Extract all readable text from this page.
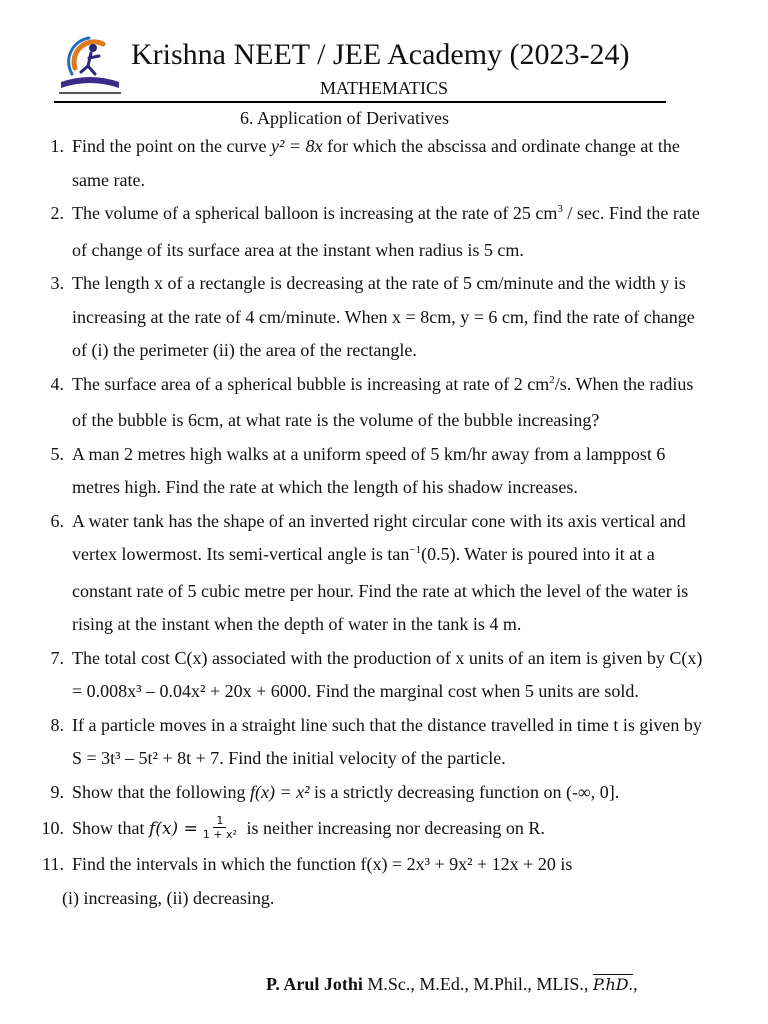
Krishna NEET / JEE Academy (2023-24)
MATHEMATICS
6. Application of Derivatives

1. Find the point on the curve y² = 8x for which the abscissa and ordinate change at the same rate.

2. The volume of a spherical balloon is increasing at the rate of 25 $cm^3$ / sec. Find the rate of change of its surface area at the instant when radius is 5 cm.

3. The length x of a rectangle is decreasing at the rate of 5 cm/minute and the width y is increasing at the rate of 4 cm/minute. When x = 8cm, y = 6 cm, find the rate of change of (i) the perimeter (ii) the area of the rectangle.

4. The surface area of a spherical bubble is increasing at rate of 2 $cm^2/s$. When the radius of the bubble is 6cm, at what rate is the volume of the bubble increasing?

5. A man 2 metres high walks at a uniform speed of 5 km/hr away from a lamppost 6 metres high. Find the rate at which the length of his shadow increases.

6. A water tank has the shape of an inverted right circular cone with its axis vertical and vertex lowermost. Its semi-vertical angle is $\tan^{-1}(0.5)$. Water is poured into it at a constant rate of 5 cubic metre per hour. Find the rate at which the level of the water is rising at the instant when the depth of water in the tank is 4 m.

7. The total cost C(x) associated with the production of x units of an item is given by C(x) = 0.008x³ – 0.04x² + 20x + 6000. Find the marginal cost when 5 units are sold.

8. If a particle moves in a straight line such that the distance travelled in time t is given by S = 3t³ – 5t² + 8t + 7. Find the initial velocity of the particle.

9. Show that the following f(x) = x² is a strictly decreasing function on (-∞, 0].

10. Show that $f(x) = \frac{1}{\text{1 + x²}}$ is neither increasing nor decreasing on R.

11. Find the intervals in which the function f(x) = 2x³ + 9x² + 12x + 20 is

(i) increasing, (ii) decreasing.
P. Arul Jothi M.Sc., M.Ed., M.Phil., MLIS., P.hD.,
